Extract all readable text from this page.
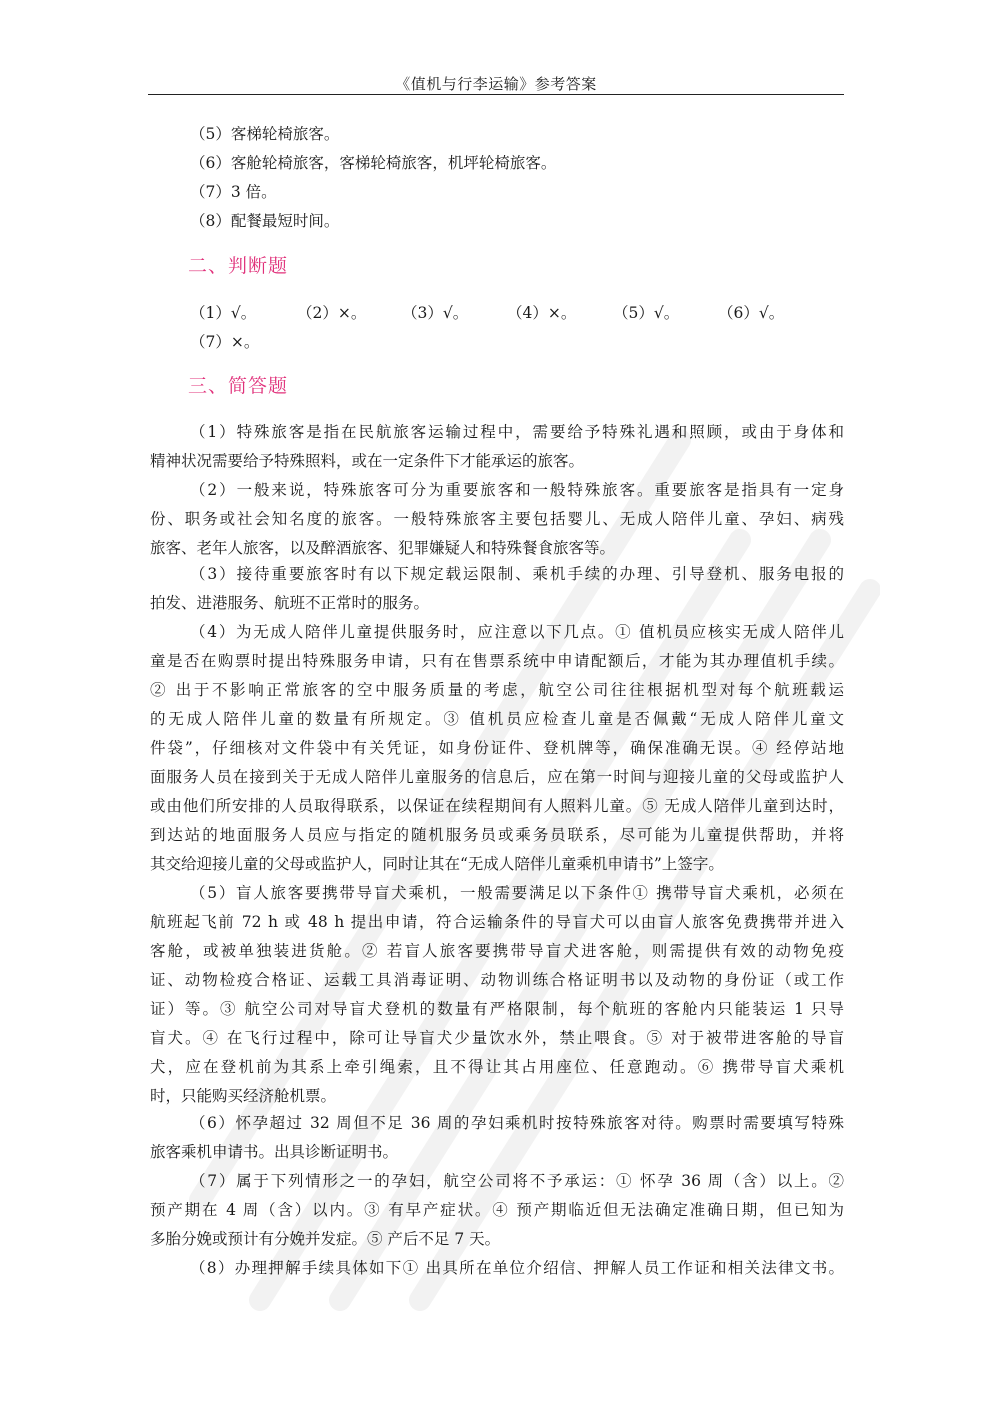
《值机与行李运输》参考答案
（5）客梯轮椅旅客。
（6）客舱轮椅旅客，客梯轮椅旅客，机坪轮椅旅客。
（7）3 倍。
（8）配餐最短时间。
二、判断题
（1）√。	（2）×。 （3）√。	（4）×。 （5）√。	（6）√。
（7）×。
三、简答题
（1）特殊旅客是指在民航旅客运输过程中，需要给予特殊礼遇和照顾，或由于身体和
精神状况需要给予特殊照料，或在一定条件下才能承运的旅客。
（2）一般来说，特殊旅客可分为重要旅客和一般特殊旅客。重要旅客是指具有一定身
份、职务或社会知名度的旅客。一般特殊旅客主要包括婴儿、无成人陪伴儿童、孕妇、病残
旅客、老年人旅客，以及醉酒旅客、犯罪嫌疑人和特殊餐食旅客等。
（3）接待重要旅客时有以下规定载运限制、乘机手续的办理、引导登机、服务电报的
拍发、进港服务、航班不正常时的服务。
（4）为无成人陪伴儿童提供服务时，应注意以下几点。① 值机员应核实无成人陪伴儿
童是否在购票时提出特殊服务申请，只有在售票系统中申请配额后，才能为其办理值机手续。
② 出于不影响正常旅客的空中服务质量的考虑，航空公司往往根据机型对每个航班载运
的无成人陪伴儿童的数量有所规定。③ 值机员应检查儿童是否佩戴“无成人陪伴儿童文
件袋”，仔细核对文件袋中有关凭证，如身份证件、登机牌等，确保准确无误。④ 经停站地
面服务人员在接到关于无成人陪伴儿童服务的信息后，应在第一时间与迎接儿童的父母或监护人
或由他们所安排的人员取得联系，以保证在续程期间有人照料儿童。⑤ 无成人陪伴儿童到达时，
到达站的地面服务人员应与指定的随机服务员或乘务员联系，尽可能为儿童提供帮助，并将
其交给迎接儿童的父母或监护人，同时让其在“无成人陪伴儿童乘机申请书”上签字。
（5）盲人旅客要携带导盲犬乘机，一般需要满足以下条件① 携带导盲犬乘机，必须在
航班起飞前 72 h 或 48 h 提出申请，符合运输条件的导盲犬可以由盲人旅客免费携带并进入
客舱，或被单独装进货舱。② 若盲人旅客要携带导盲犬进客舱，则需提供有效的动物免疫
证、动物检疫合格证、运载工具消毒证明、动物训练合格证明书以及动物的身份证（或工作
证）等。③ 航空公司对导盲犬登机的数量有严格限制，每个航班的客舱内只能装运 1 只导
盲犬。④ 在飞行过程中，除可让导盲犬少量饮水外，禁止喂食。⑤ 对于被带进客舱的导盲
犬，应在登机前为其系上牵引绳索，且不得让其占用座位、任意跑动。⑥ 携带导盲犬乘机
时，只能购买经济舱机票。
（6）怀孕超过 32 周但不足 36 周的孕妇乘机时按特殊旅客对待。购票时需要填写特殊
旅客乘机申请书。出具诊断证明书。
（7）属于下列情形之一的孕妇，航空公司将不予承运：① 怀孕 36 周（含）以上。②
预产期在 4 周（含）以内。③ 有早产症状。④ 预产期临近但无法确定准确日期，但已知为
多胎分娩或预计有分娩并发症。⑤ 产后不足 7 天。
（8）办理押解手续具体如下① 出具所在单位介绍信、押解人员工作证和相关法律文书。
